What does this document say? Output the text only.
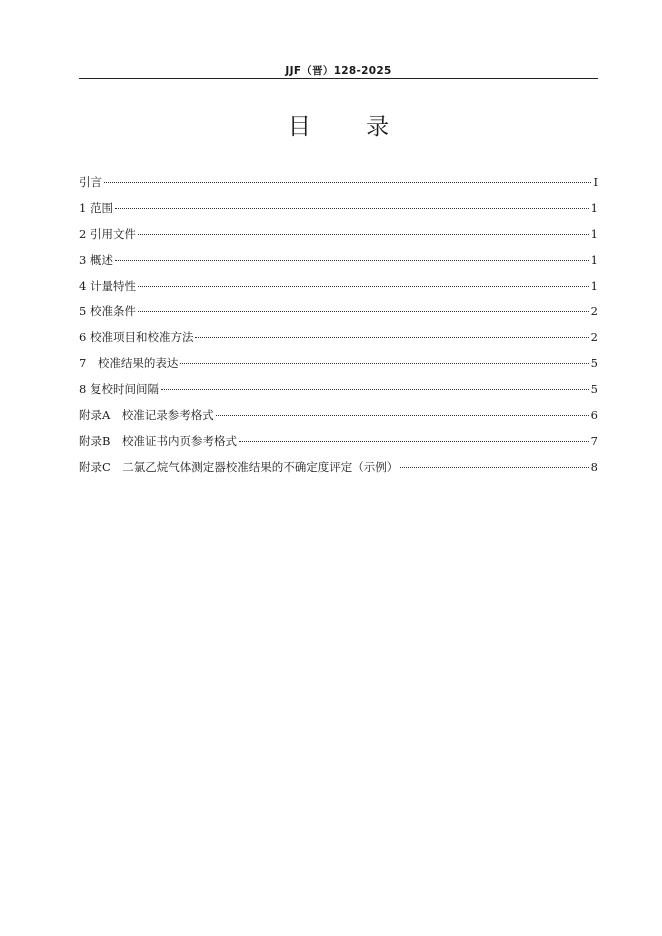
JJF（晋）128-2025
目 录
引言	I
1 范围	1
2 引用文件	1
3 概述	1
4 计量特性	1
5 校准条件	2
6 校准项目和校准方法	2
7　校准结果的表达	5
8 复校时间间隔	5
附录A　校准记录参考格式	6
附录B　校准证书内页参考格式	7
附录C　二氯乙烷气体测定器校准结果的不确定度评定（示例）	8
